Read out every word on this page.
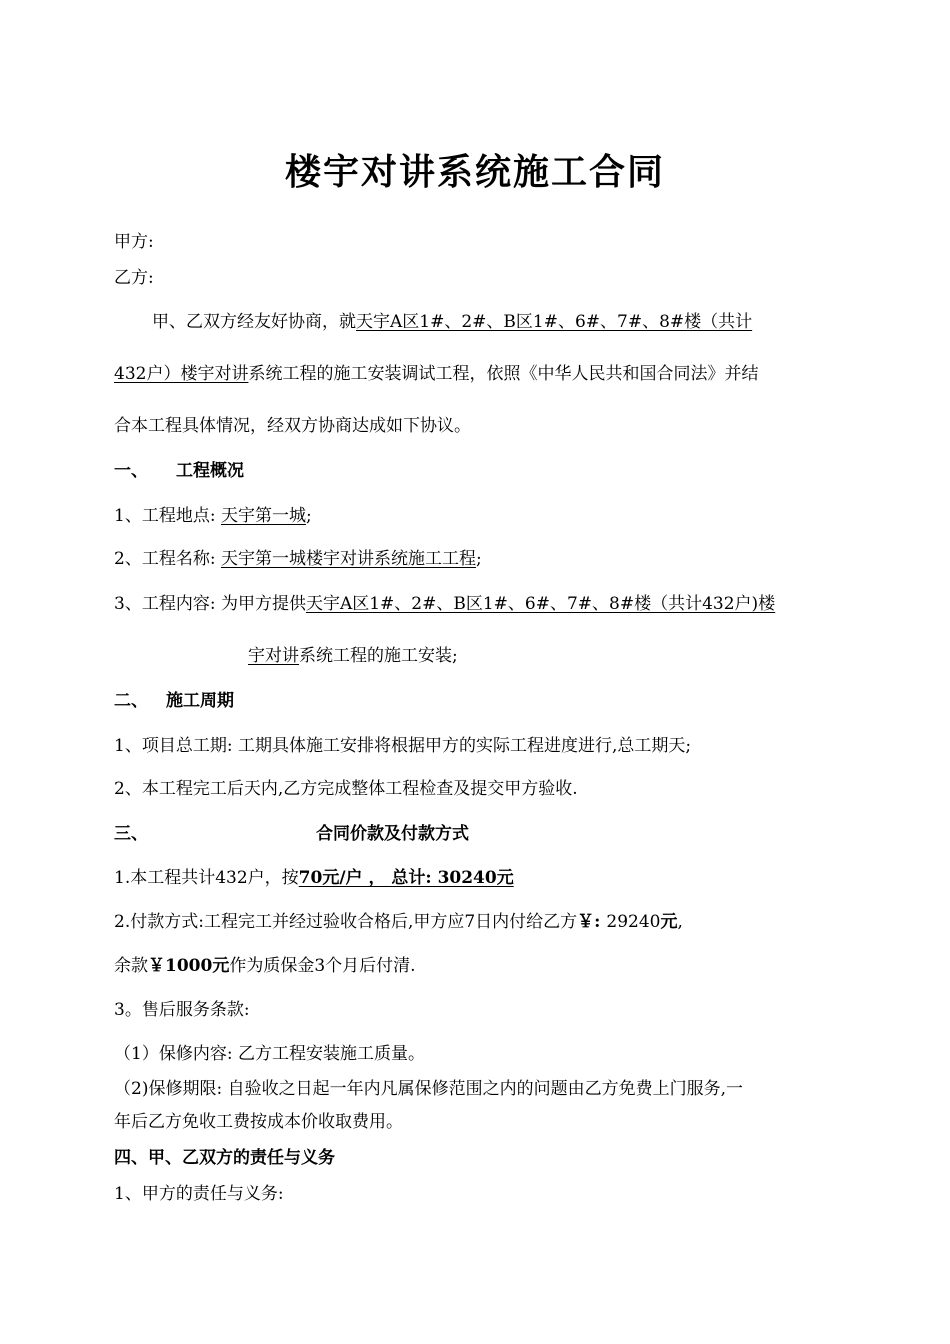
楼宇对讲系统施工合同
甲方:
乙方:
甲、乙双方经友好协商，就天宇A区1#、2#、B区1#、6#、7#、8#楼（共计
432户）楼宇对讲系统工程的施工安装调试工程，依照《中华人民共和国合同法》并结
合本工程具体情况，经双方协商达成如下协议。
一、 工程概况
1、工程地点: 天宇第一城;
2、工程名称: 天宇第一城楼宇对讲系统施工工程;
3、工程内容: 为甲方提供天宇A区1#、2#、B区1#、6#、7#、8#楼（共计432户)楼
宇对讲系统工程的施工安装;
二、 施工周期
1、项目总工期: 工期具体施工安排将根据甲方的实际工程进度进行,总工期天;
2、本工程完工后天内,乙方完成整体工程检查及提交甲方验收.
三、	合同价款及付款方式
1.本工程共计432户，按70元/户 ， 总计: 30240元
2.付款方式:工程完工并经过验收合格后,甲方应7日内付给乙方￥: 29240元,
余款￥1000元作为质保金3个月后付清.
3。售后服务条款:
（1）保修内容: 乙方工程安装施工质量。
（2)保修期限: 自验收之日起一年内凡属保修范围之内的问题由乙方免费上门服务,一
年后乙方免收工费按成本价收取费用。
四、甲、乙双方的责任与义务
1、甲方的责任与义务:
